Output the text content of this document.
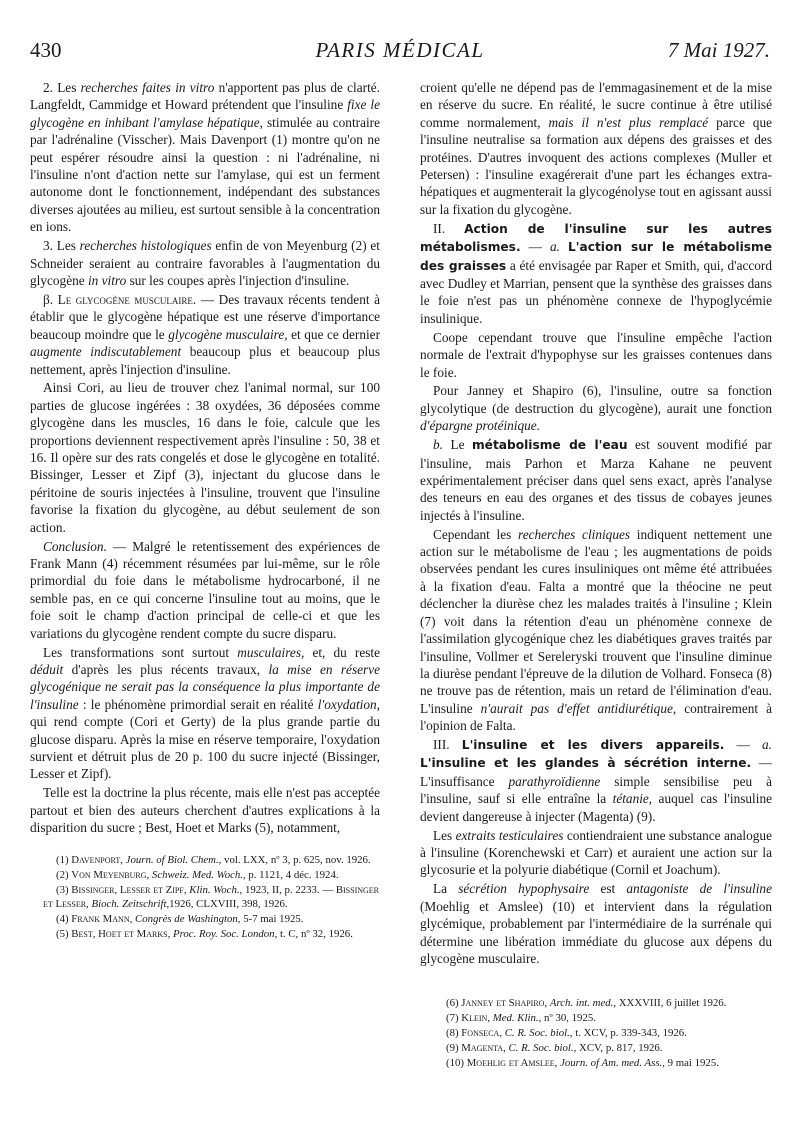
430	PARIS MÉDICAL	7 Mai 1927.

2. Les recherches faites in vitro n'apportent pas plus de clarté. Langfeldt, Cammidge et Howard prétendent que l'insuline fixe le glycogène en inhibant l'amylase hépatique, stimulée au contraire par l'adrénaline (Visscher). Mais Davenport (1) montre qu'on ne peut espérer résoudre ainsi la question : ni l'adrénaline, ni l'insuline n'ont d'action nette sur l'amylase, qui est un ferment autonome dont le fonctionnement, indépendant des substances diverses ajoutées au milieu, est surtout sensible à la concentration en ions.

3. Les recherches histologiques enfin de von Meyenburg (2) et Schneider seraient au contraire favorables à l'augmentation du glycogène in vitro sur les coupes après l'injection d'insuline.

β. Le glycogène musculaire. — Des travaux récents tendent à établir que le glycogène hépatique est une réserve d'importance beaucoup moindre que le glycogène musculaire, et que ce dernier augmente indiscutablement beaucoup plus et beaucoup plus nettement, après l'injection d'insuline.

Ainsi Cori, au lieu de trouver chez l'animal normal, sur 100 parties de glucose ingérées : 38 oxydées, 36 déposées comme glycogène dans les muscles, 16 dans le foie, calcule que les proportions deviennent respectivement après l'insuline : 50, 38 et 16. Il opère sur des rats congelés et dose le glycogène en totalité. Bissinger, Lesser et Zipf (3), injectant du glucose dans le péritoine de souris injectées à l'insuline, trouvent que l'insuline favorise la fixation du glycogène, au début seulement de son action.

Conclusion. — Malgré le retentissement des expériences de Frank Mann (4) récemment résumées par lui-même, sur le rôle primordial du foie dans le métabolisme hydrocarboné, il ne semble pas, en ce qui concerne l'insuline tout au moins, que le foie soit le champ d'action principal de celle-ci et que les variations du glycogène rendent compte du sucre disparu.

Les transformations sont surtout musculaires, et, du reste déduit d'après les plus récents travaux, la mise en réserve glycogénique ne serait pas la conséquence la plus importante de l'insuline : le phénomène primordial serait en réalité l'oxydation, qui rend compte (Cori et Gerty) de la plus grande partie du glucose disparu. Après la mise en réserve temporaire, l'oxydation survient et détruit plus de 20 p. 100 du sucre injecté (Bissinger, Lesser et Zipf).

Telle est la doctrine la plus récente, mais elle n'est pas acceptée partout et bien des auteurs cherchent d'autres explications à la disparition du sucre ; Best, Hoet et Marks (5), notamment,

(1) Davenport, Journ. of Biol. Chem., vol. LXX, nº 3, p. 625, nov. 1926.

(2) Von Meyenburg, Schweiz. Med. Woch., p. 1121, 4 déc. 1924.

(3) Bissinger, Lesser et Zipf, Klin. Woch., 1923, II, p. 2233. — Bissinger et Lesser, Bioch. Zeitschrift,1926, CLXVIII, 398, 1926.

(4) Frank Mann, Congrès de Washington, 5-7 mai 1925.

(5) Best, Hoet et Marks, Proc. Roy. Soc. London, t. C, nº 32, 1926.

croient qu'elle ne dépend pas de l'emmagasinement et de la mise en réserve du sucre. En réalité, le sucre continue à être utilisé comme normalement, mais il n'est plus remplacé parce que l'insuline neutralise sa formation aux dépens des graisses et des protéines. D'autres invoquent des actions complexes (Muller et Petersen) : l'insuline exagérerait d'une part les échanges extra-hépatiques et augmenterait la glycogénolyse tout en agissant aussi sur la fixation du glycogène.

II. Action de l'insuline sur les autres métabolismes. — a. L'action sur le métabolisme des graisses a été envisagée par Raper et Smith, qui, d'accord avec Dudley et Marrian, pensent que la synthèse des graisses dans le foie n'est pas un phénomène connexe de l'hypoglycémie insulinique.

Coope cependant trouve que l'insuline empêche l'action normale de l'extrait d'hypophyse sur les graisses contenues dans le foie.

Pour Janney et Shapiro (6), l'insuline, outre sa fonction glycolytique (de destruction du glycogène), aurait une fonction d'épargne protéinique.

b. Le métabolisme de l'eau est souvent modifié par l'insuline, mais Parhon et Marza Kahane ne peuvent expérimentalement préciser dans quel sens exact, après l'analyse des teneurs en eau des organes et des tissus de cobayes jeunes injectés à l'insuline.

Cependant les recherches cliniques indiquent nettement une action sur le métabolisme de l'eau ; les augmentations de poids observées pendant les cures insuliniques ont même été attribuées à la fixation d'eau. Falta a montré que la théocine ne peut déclencher la diurèse chez les malades traités à l'insuline ; Klein (7) voit dans la rétention d'eau un phénomène connexe de l'assimilation glycogénique chez les diabétiques graves traités par l'insuline, Vollmer et Sereleryski trouvent que l'insuline diminue la diurèse pendant l'épreuve de la dilution de Volhard. Fonseca (8) ne trouve pas de rétention, mais un retard de l'élimination d'eau. L'insuline n'aurait pas d'effet antidiurétique, contrairement à l'opinion de Falta.

III. L'insuline et les divers appareils. — a. L'insuline et les glandes à sécrétion interne. — L'insuffisance parathyroïdienne simple sensibilise peu à l'insuline, sauf si elle entraîne la tétanie, auquel cas l'insuline devient dangereuse à injecter (Magenta) (9).

Les extraits testiculaires contiendraient une substance analogue à l'insuline (Korenchewski et Carr) et auraient une action sur la glycosurie et la polyurie diabétique (Cornil et Joachum).

La sécrétion hypophysaire est antagoniste de l'insuline (Moehlig et Amslee) (10) et intervient dans la régulation glycémique, probablement par l'intermédiaire de la surrénale qui détermine une libération immédiate du glucose aux dépens du glycogène musculaire.

(6) Janney et Shapiro, Arch. int. med., XXXVIII, 6 juillet 1926.

(7) Klein, Med. Klin., nº 30, 1925.

(8) Fonseca, C. R. Soc. biol., t. XCV, p. 339-343, 1926.

(9) Magenta, C. R. Soc. biol., XCV, p. 817, 1926.

(10) Moehlig et Amslee, Journ. of Am. med. Ass., 9 mai 1925.
